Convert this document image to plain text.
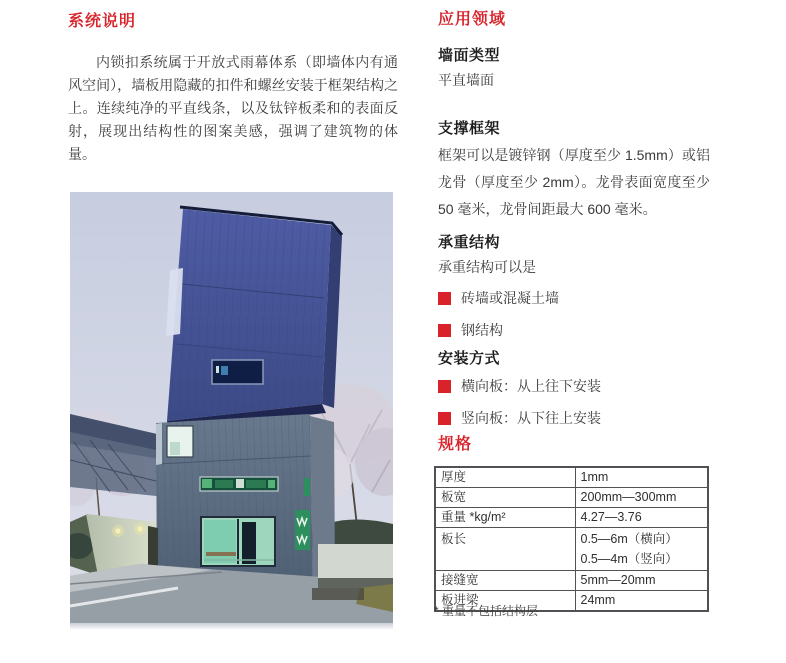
系统说明
内锁扣系统属于开放式雨幕体系（即墙体内有通风空间），墙板用隐藏的扣件和螺丝安装于框架结构之上。连续纯净的平直线条，以及钛锌板柔和的表面反射，展现出结构性的图案美感，强调了建筑物的体量。
应用领域
墙面类型
平直墙面
支撑框架
框架可以是镀锌钢（厚度至少 1.5mm）或铝龙骨（厚度至少 2mm）。龙骨表面宽度至少 50 毫米，龙骨间距最大 600 毫米。
承重结构
承重结构可以是
砖墙或混凝土墙
钢结构
安装方式
横向板：从上往下安装
竖向板：从下往上安装
规格
厚度	1mm
板宽	200mm—300mm
重量 *kg/m²	4.27—3.76
板长	0.5—6m（横向）
0.5—4m（竖向）

接缝宽	5mm—20mm
板进梁	24mm
* 重量不包括结构层
